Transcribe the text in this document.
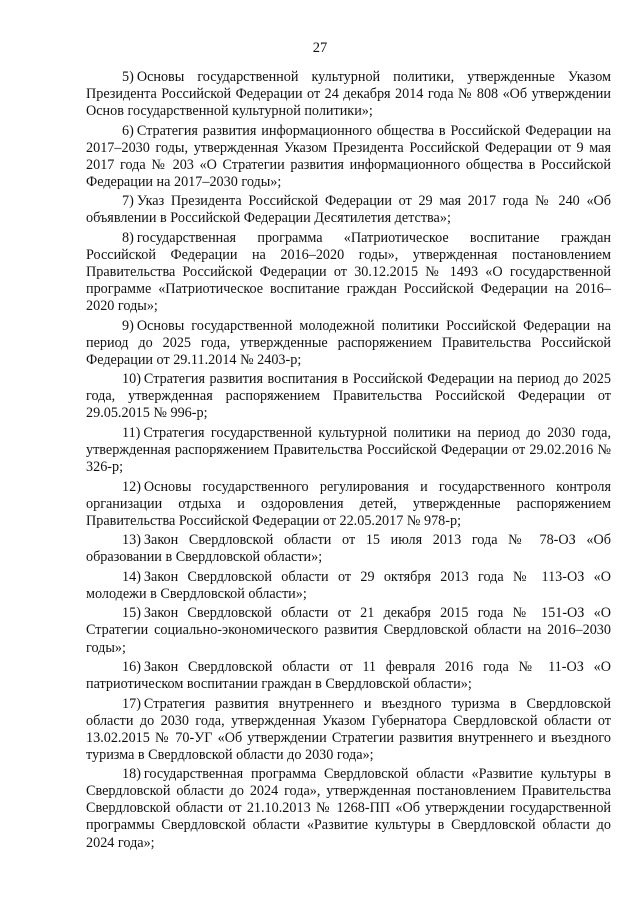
27

5) Основы государственной культурной политики, утвержденные Указом Президента Российской Федерации от 24 декабря 2014 года № 808 «Об утверждении Основ государственной культурной политики»;

6) Стратегия развития информационного общества в Российской Федерации на 2017–2030 годы, утвержденная Указом Президента Российской Федерации от 9 мая 2017 года № 203 «О Стратегии развития информационного общества в Российской Федерации на 2017–2030 годы»;

7) Указ Президента Российской Федерации от 29 мая 2017 года № 240 «Об объявлении в Российской Федерации Десятилетия детства»;

8) государственная программа «Патриотическое воспитание граждан Российской Федерации на 2016–2020 годы», утвержденная постановлением Правительства Российской Федерации от 30.12.2015 № 1493 «О государственной программе «Патриотическое воспитание граждан Российской Федерации на 2016–2020 годы»;

9) Основы государственной молодежной политики Российской Федерации на период до 2025 года, утвержденные распоряжением Правительства Российской Федерации от 29.11.2014 № 2403-р;

10) Стратегия развития воспитания в Российской Федерации на период до 2025 года, утвержденная распоряжением Правительства Российской Федерации от 29.05.2015 № 996-р;

11) Стратегия государственной культурной политики на период до 2030 года, утвержденная распоряжением Правительства Российской Федерации от 29.02.2016 № 326-р;

12) Основы государственного регулирования и государственного контроля организации отдыха и оздоровления детей, утвержденные распоряжением Правительства Российской Федерации от 22.05.2017 № 978-р;

13) Закон Свердловской области от 15 июля 2013 года № 78-ОЗ «Об образовании в Свердловской области»;

14) Закон Свердловской области от 29 октября 2013 года № 113-ОЗ «О молодежи в Свердловской области»;

15) Закон Свердловской области от 21 декабря 2015 года № 151-ОЗ «О Стратегии социально-экономического развития Свердловской области на 2016–2030 годы»;

16) Закон Свердловской области от 11 февраля 2016 года № 11-ОЗ «О патриотическом воспитании граждан в Свердловской области»;

17) Стратегия развития внутреннего и въездного туризма в Свердловской области до 2030 года, утвержденная Указом Губернатора Свердловской области от 13.02.2015 № 70-УГ «Об утверждении Стратегии развития внутреннего и въездного туризма в Свердловской области до 2030 года»;

18) государственная программа Свердловской области «Развитие культуры в Свердловской области до 2024 года», утвержденная постановлением Правительства Свердловской области от 21.10.2013 № 1268-ПП «Об утверждении государственной программы Свердловской области «Развитие культуры в Свердловской области до 2024 года»;
